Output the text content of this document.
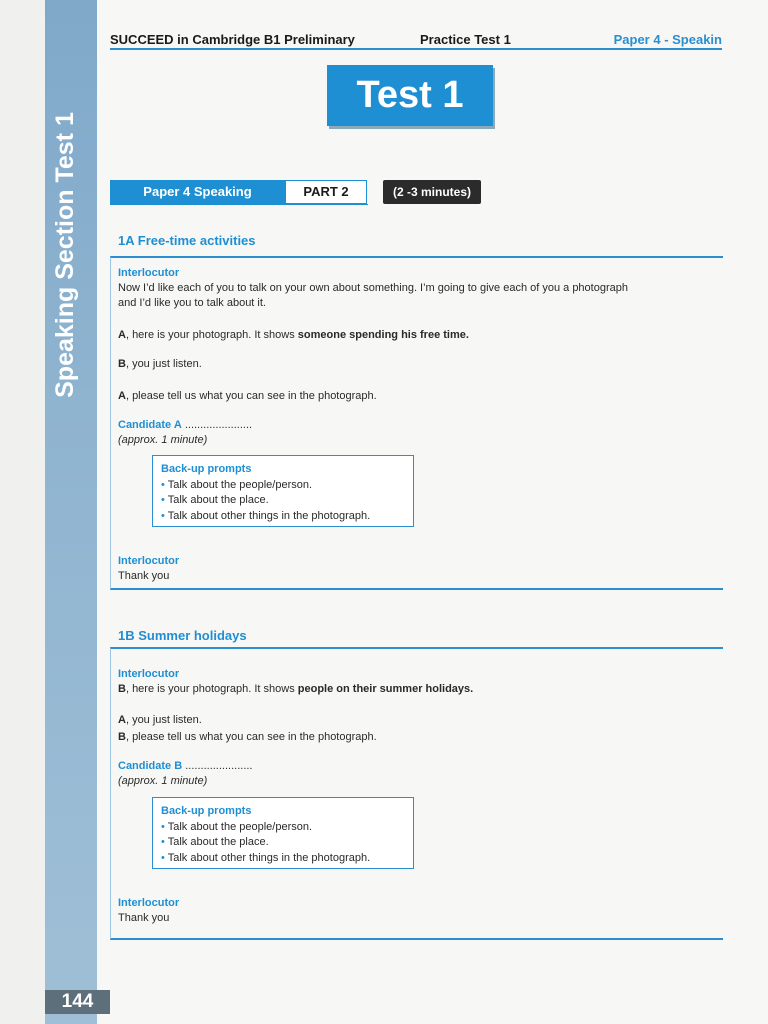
Speaking Section Test 1
144
SUCCEED in Cambridge B1 Preliminary	Practice Test 1	Paper 4 - Speakin
Test 1
Paper 4 Speaking	PART 2	(2 -3 minutes)
1A Free-time activities
Interlocutor
Now I’d like each of you to talk on your own about something. I’m going to give each of you a photograph
and I’d like you to talk about it.
A, here is your photograph. It shows someone spending his free time.
B, you just listen.
A, please tell us what you can see in the photograph.
Candidate A ......................
(approx. 1 minute)
Back-up prompts
• Talk about the people/person.
• Talk about the place.
• Talk about other things in the photograph.
Interlocutor
Thank you
1B Summer holidays
Interlocutor
B, here is your photograph. It shows people on their summer holidays.
A, you just listen.
B, please tell us what you can see in the photograph.
Candidate B ......................
(approx. 1 minute)
Back-up prompts
• Talk about the people/person.
• Talk about the place.
• Talk about other things in the photograph.
Interlocutor
Thank you
